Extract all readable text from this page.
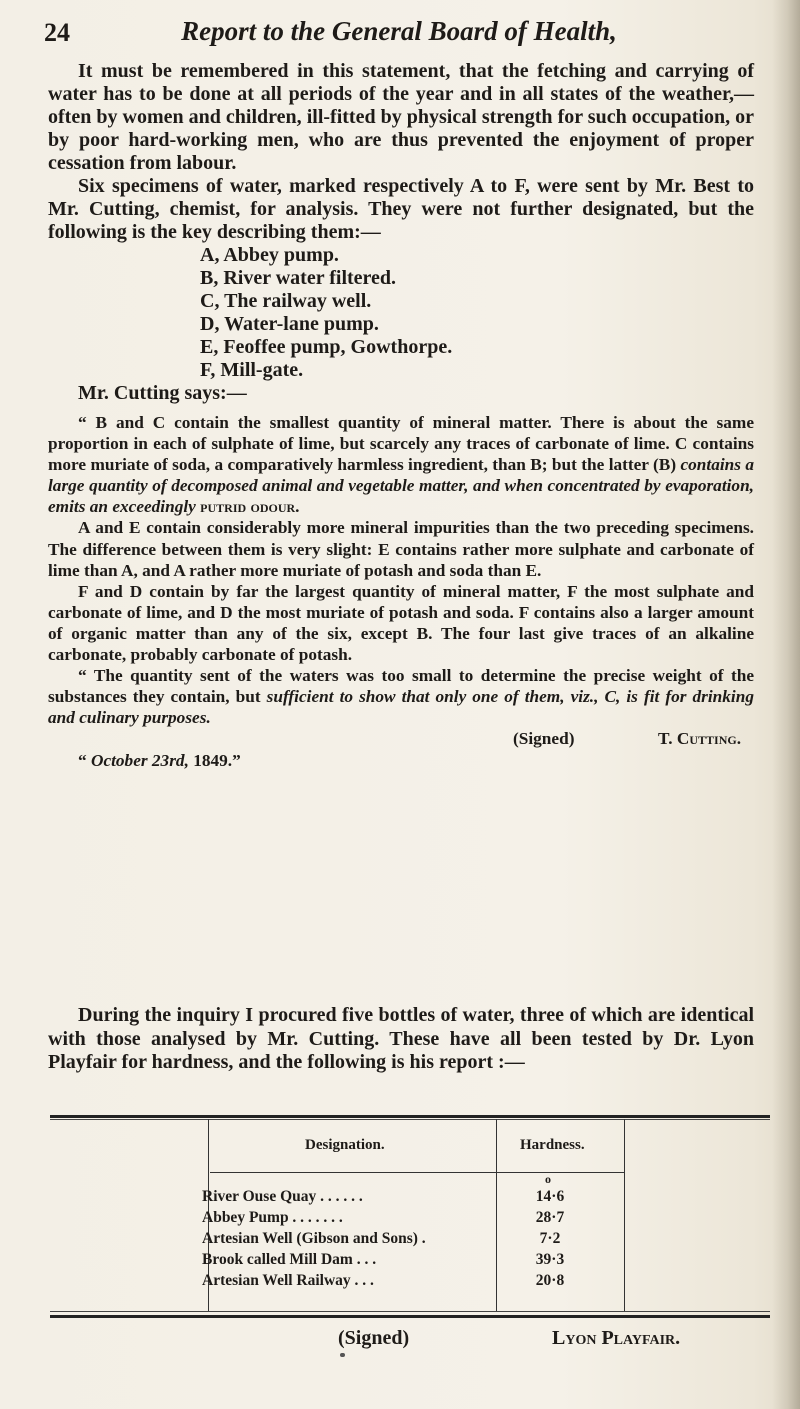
24	Report to the General Board of Health,

It must be remembered in this statement, that the fetching and carrying of water has to be done at all periods of the year and in all states of the weather,—often by women and children, ill-fitted by physical strength for such occupation, or by poor hard-working men, who are thus prevented the enjoyment of proper cessation from labour.

Six specimens of water, marked respectively A to F, were sent by Mr. Best to Mr. Cutting, chemist, for analysis. They were not further designated, but the following is the key describing them:—

A, Abbey pump.
B, River water filtered.
C, The railway well.
D, Water-lane pump.
E, Feoffee pump, Gowthorpe.
F, Mill-gate.

Mr. Cutting says:—

“ B and C contain the smallest quantity of mineral matter. There is about the same proportion in each of sulphate of lime, but scarcely any traces of carbonate of lime. C contains more muriate of soda, a comparatively harmless ingredient, than B; but the latter (B) contains a large quantity of decomposed animal and vegetable matter, and when concentrated by evaporation, emits an exceedingly putrid odour.

A and E contain considerably more mineral impurities than the two preceding specimens. The difference between them is very slight: E contains rather more sulphate and carbonate of lime than A, and A rather more muriate of potash and soda than E.

F and D contain by far the largest quantity of mineral matter, F the most sulphate and carbonate of lime, and D the most muriate of potash and soda. F contains also a larger amount of organic matter than any of the six, except B. The four last give traces of an alkaline carbonate, probably carbonate of potash.

“ The quantity sent of the waters was too small to determine the precise weight of the substances they contain, but sufficient to show that only one of them, viz., C, is fit for drinking and culinary purposes.

(Signed)	T. Cutting.

“ October 23rd, 1849.”

During the inquiry I procured five bottles of water, three of which are identical with those analysed by Mr. Cutting. These have all been tested by Dr. Lyon Playfair for hardness, and the following is his report :—

Designation.	Hardness.
o
River Ouse Quay . . . . . .	14·6
Abbey Pump . . . . . . .	28·7
Artesian Well (Gibson and Sons) .	7·2
Brook called Mill Dam . . .	39·3
Artesian Well Railway . . .	20·8
(Signed)	Lyon Playfair.
